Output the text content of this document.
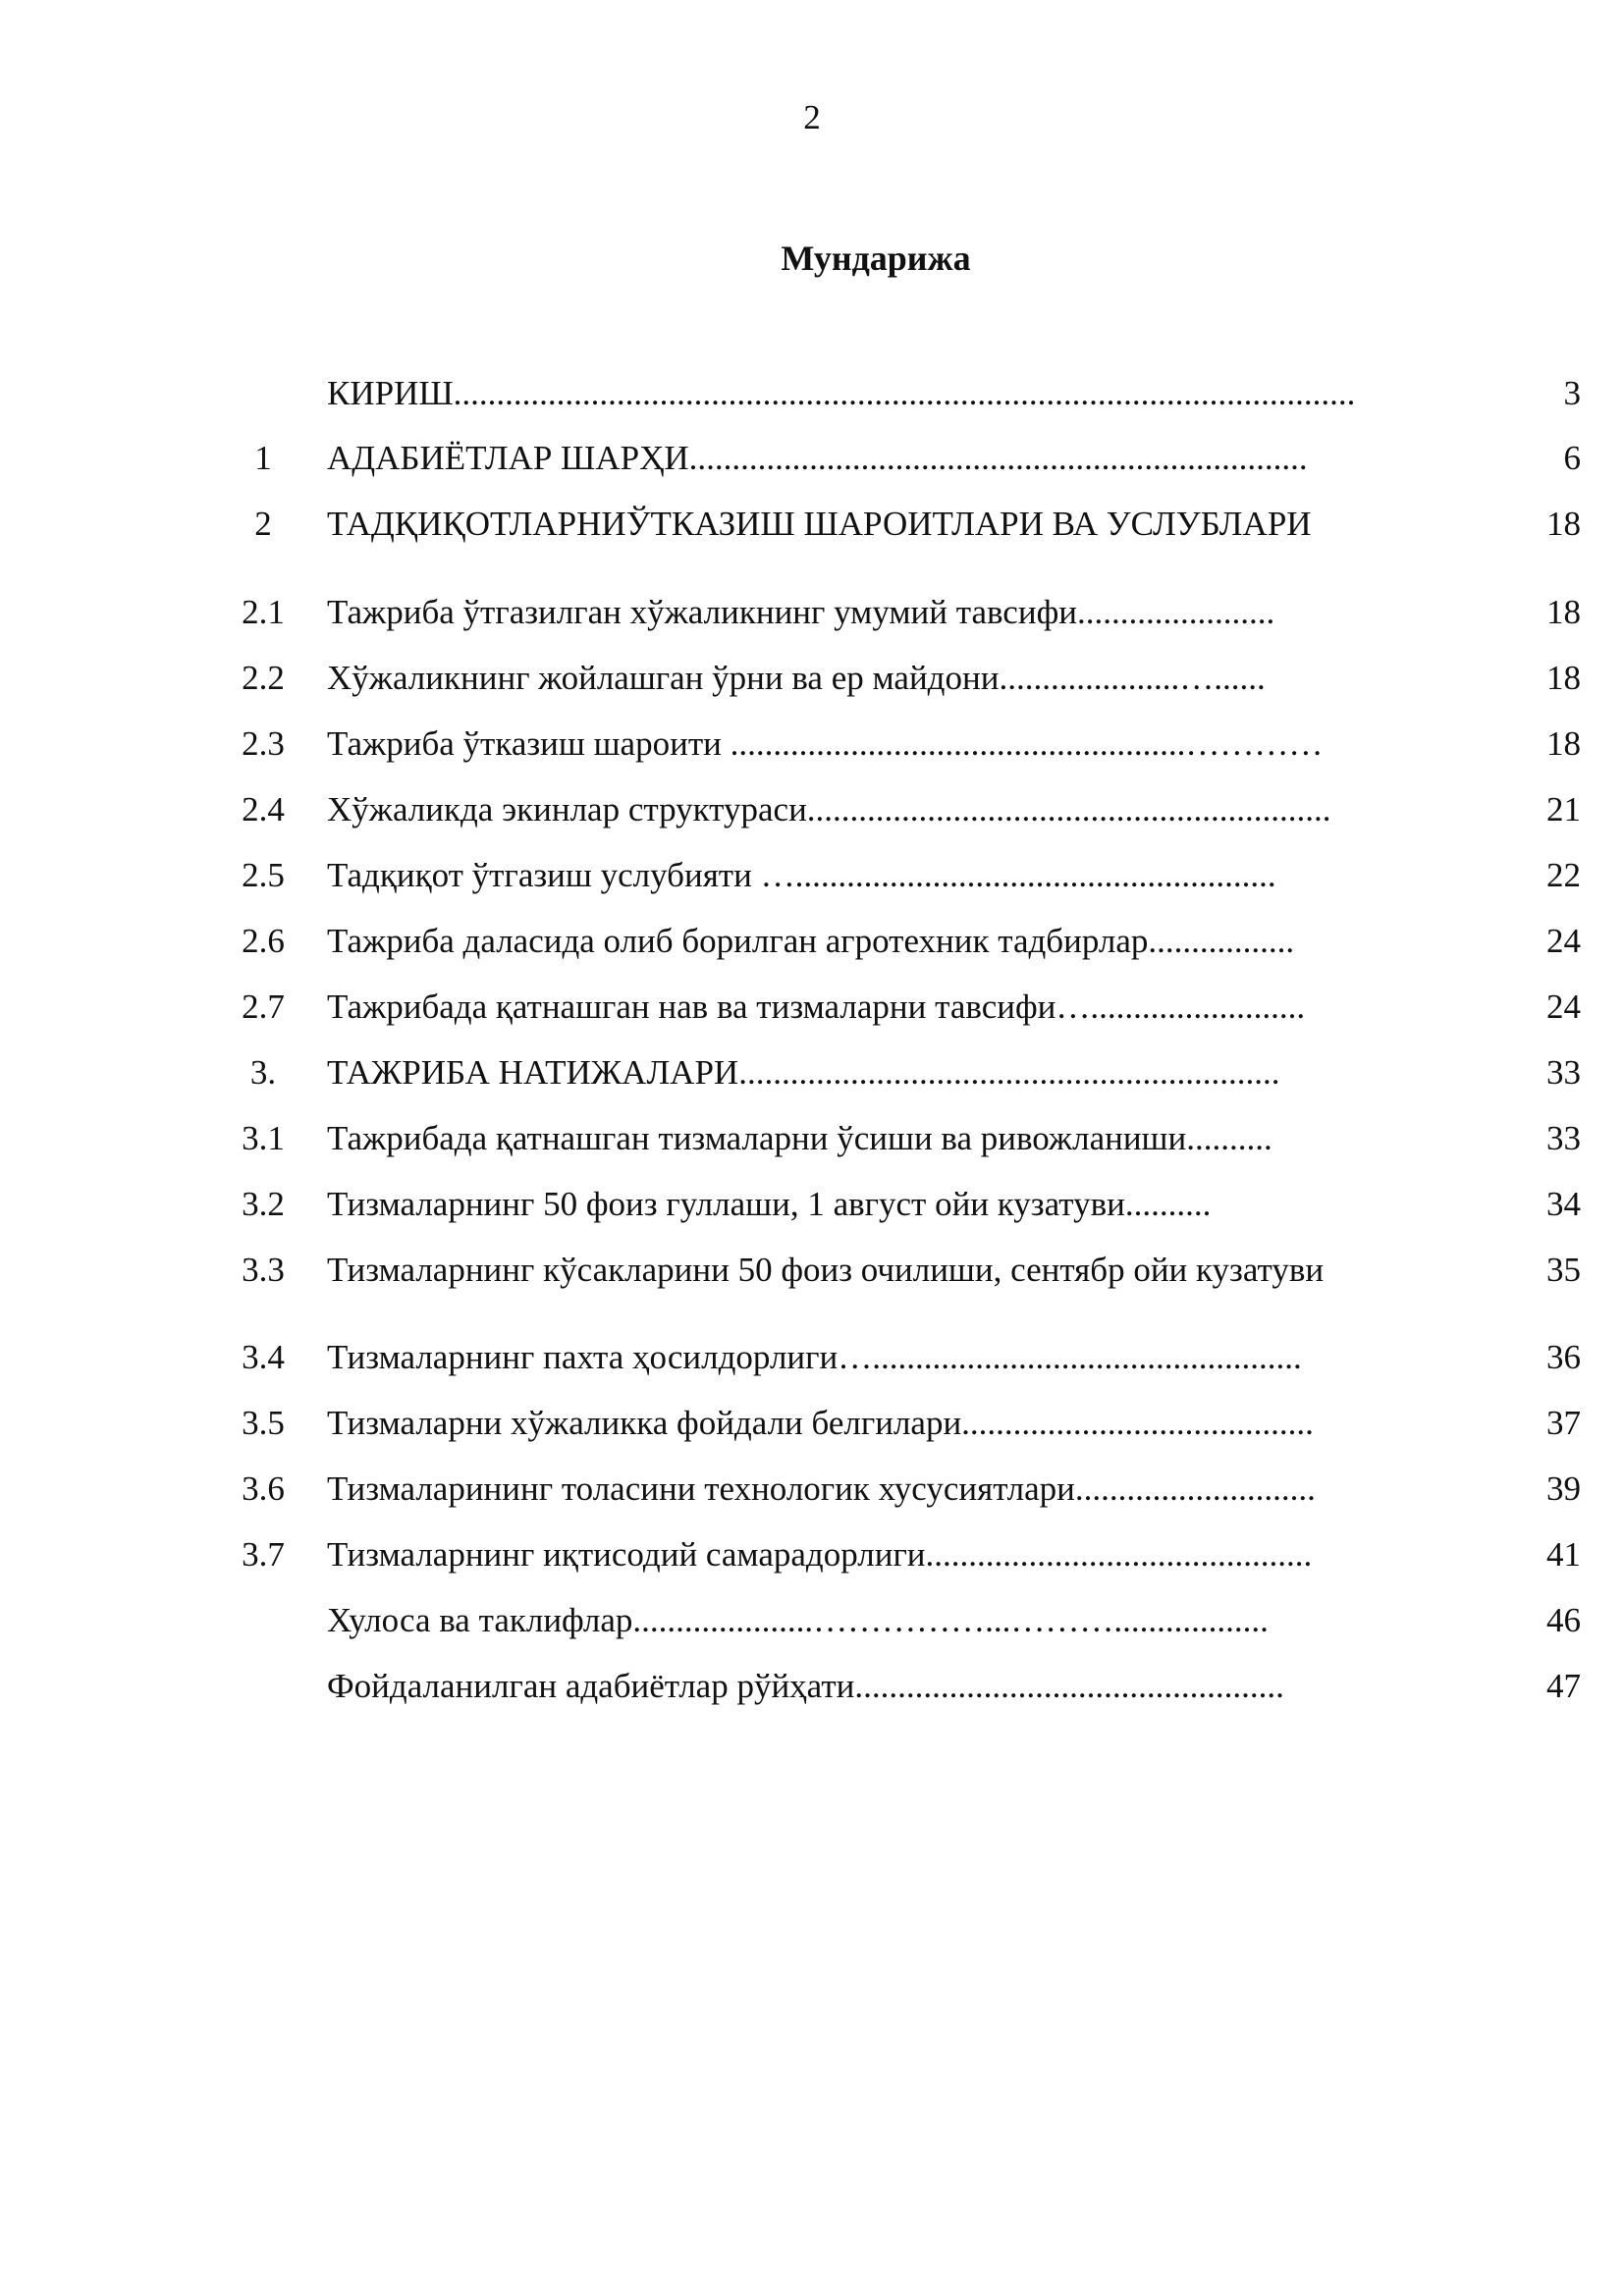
2
Мундарижа
КИРИШ.........................................................................................................	3
1	АДАБИЁТЛАР ШАРҲИ........................................................................	6
2	ТАДҚИҚОТЛАРНИЎТКАЗИШ ШАРОИТЛАРИ ВА УСЛУБЛАРИ	18
2.1	Тажриба ўтгазилган хўжаликнинг умумий тавсифи.......................	18
2.2	Хўжаликнинг жойлашган ўрни ва ер майдони.....................…......	18
2.3	Тажриба ўтказиш шароити .....................................................…………	18
2.4	Хўжаликда экинлар структураси.............................................................	21
2.5	Тадқиқот ўтгазиш услубияти …........................................................	22
2.6	Тажриба даласида олиб борилган агротехник тадбирлар.................	24
2.7	Тажрибада қатнашган нав ва тизмаларни тавсифи….........................	24
3.	ТАЖРИБА НАТИЖАЛАРИ...............................................................	33
3.1	Тажрибада қатнашган тизмаларни ўсиши ва ривожланиши..........	33
3.2	Тизмаларнинг 50 фоиз гуллаши, 1 август ойи кузатуви..........	34
3.3	Тизмаларнинг кўсакларини 50 фоиз очилиши, сентябр ойи кузатуви	35
3.4	Тизмаларнинг пахта ҳосилдорлиги…..................................................	36
3.5	Тизмаларни хўжаликка фойдали белгилари.........................................	37
3.6	Тизмаларининг толасини технологик хусусиятлари............................	39
3.7	Тизмаларнинг иқтисодий самарадорлиги.............................................	41
Хулоса ва таклифлар.....................……………...………..................	46
Фойдаланилган адабиётлар рўйҳати..................................................	47
